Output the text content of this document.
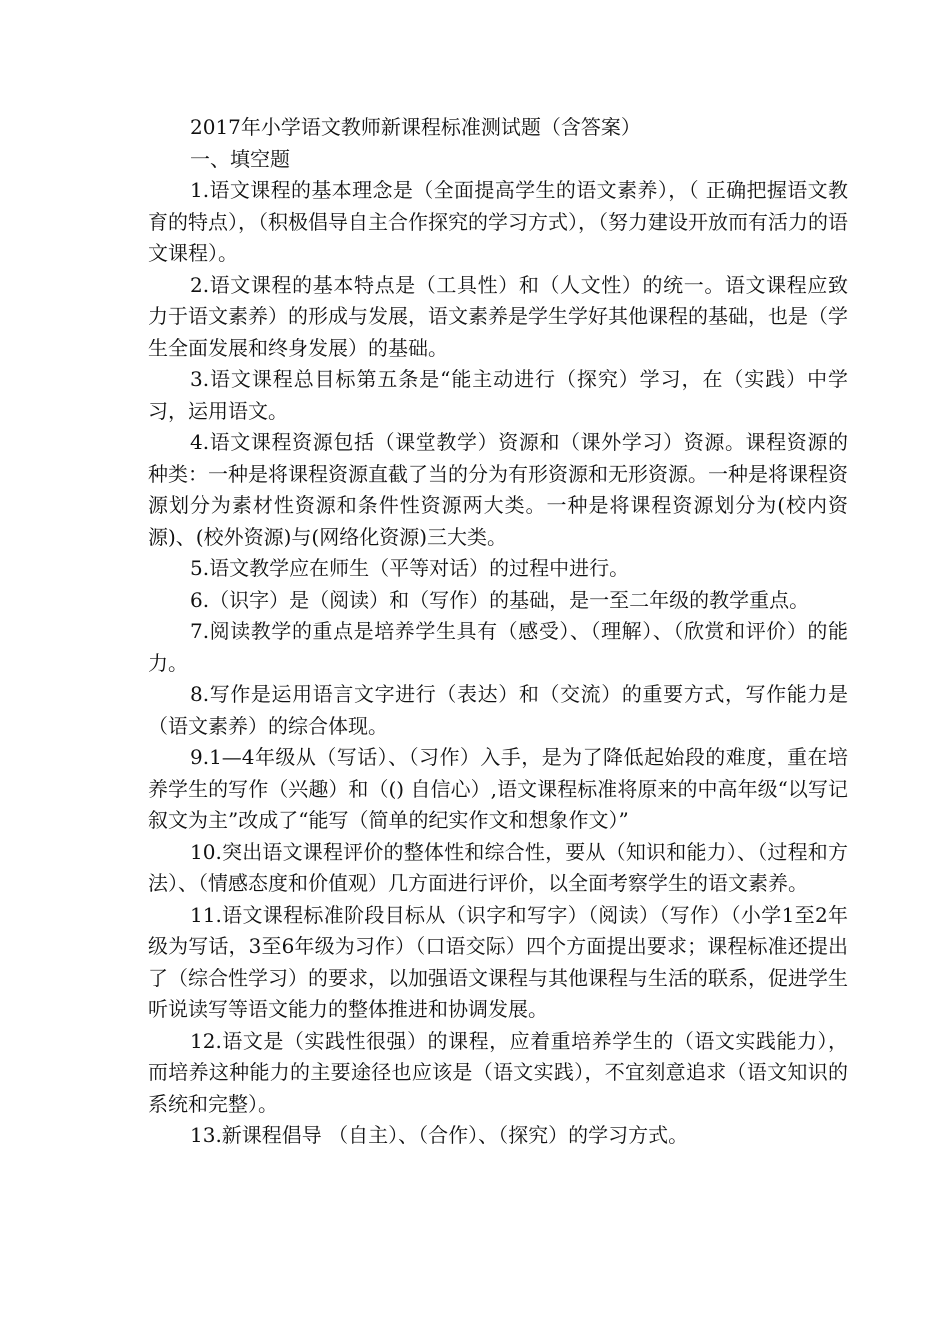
2017年小学语文教师新课程标准测试题（含答案）

一、填空题

1.语文课程的基本理念是（全面提高学生的语文素养），（ 正确把握语文教育的特点），（积极倡导自主合作探究的学习方式），（努力建设开放而有活力的语文课程）。

2.语文课程的基本特点是（工具性）和（人文性）的统一。语文课程应致力于语文素养）的形成与发展，语文素养是学生学好其他课程的基础，也是（学生全面发展和终身发展）的基础。

3.语文课程总目标第五条是“能主动进行（探究）学习，在（实践）中学习，运用语文。

4.语文课程资源包括（课堂教学）资源和（课外学习）资源。课程资源的种类：一种是将课程资源直截了当的分为有形资源和无形资源。一种是将课程资源划分为素材性资源和条件性资源两大类。一种是将课程资源划分为(校内资源)、(校外资源)与(网络化资源)三大类。

5.语文教学应在师生（平等对话）的过程中进行。

6.（识字）是（阅读）和（写作）的基础，是一至二年级的教学重点。

7.阅读教学的重点是培养学生具有（感受）、（理解）、（欣赏和评价）的能力。

8.写作是运用语言文字进行（表达）和（交流）的重要方式，写作能力是（语文素养）的综合体现。

9.1—4年级从（写话）、（习作）入手，是为了降低起始段的难度，重在培养学生的写作（兴趣）和（() 自信心）,语文课程标准将原来的中高年级“以写记叙文为主”改成了“能写（简单的纪实作文和想象作文）”

10.突出语文课程评价的整体性和综合性，要从（知识和能力）、（过程和方法）、（情感态度和价值观）几方面进行评价，以全面考察学生的语文素养。

11.语文课程标准阶段目标从（识字和写字）（阅读）（写作）（小学1至2年级为写话，3至6年级为习作）（口语交际）四个方面提出要求；课程标准还提出了（综合性学习）的要求，以加强语文课程与其他课程与生活的联系，促进学生听说读写等语文能力的整体推进和协调发展。

12.语文是（实践性很强）的课程，应着重培养学生的（语文实践能力），而培养这种能力的主要途径也应该是（语文实践），不宜刻意追求（语文知识的系统和完整）。

13.新课程倡导 （自主）、（合作）、（探究）的学习方式。
